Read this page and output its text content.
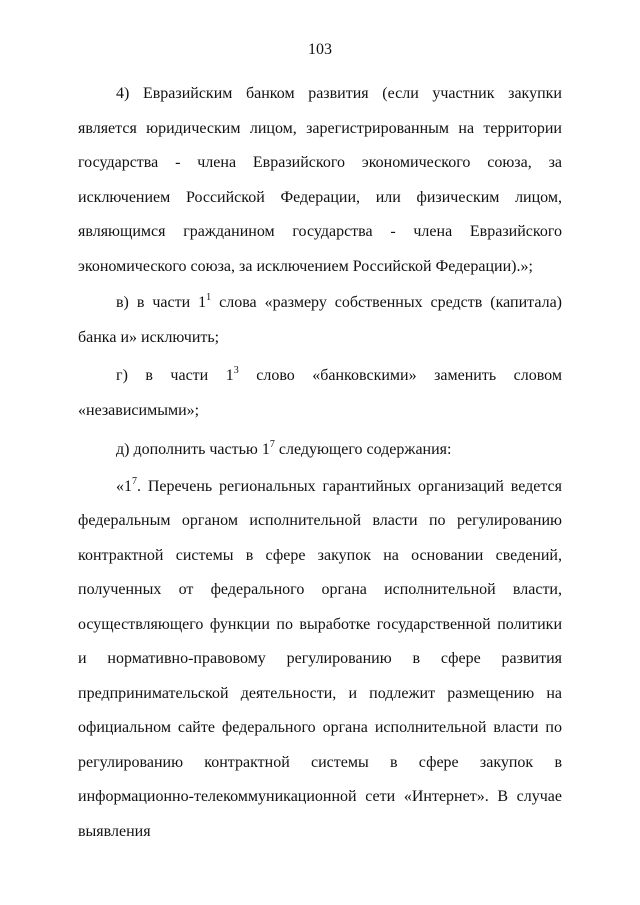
103

4) Евразийским банком развития (если участник закупки является юридическим лицом, зарегистрированным на территории государства - члена Евразийского экономического союза, за исключением Российской Федерации, или физическим лицом, являющимся гражданином государства - члена Евразийского экономического союза, за исключением Российской Федерации).»;

в) в части $1^1$ слова «размеру собственных средств (капитала) банка и» исключить;

г) в части $1^3$ слово «банковскими» заменить словом «независимыми»;

д) дополнить частью $1^7$ следующего содержания:

«$1^7$. Перечень региональных гарантийных организаций ведется федеральным органом исполнительной власти по регулированию контрактной системы в сфере закупок на основании сведений, полученных от федерального органа исполнительной власти, осуществляющего функции по выработке государственной политики и нормативно-правовому регулированию в сфере развития предпринимательской деятельности, и подлежит размещению на официальном сайте федерального органа исполнительной власти по регулированию контрактной системы в сфере закупок в информационно-телекоммуникационной сети «Интернет». В случае выявления
